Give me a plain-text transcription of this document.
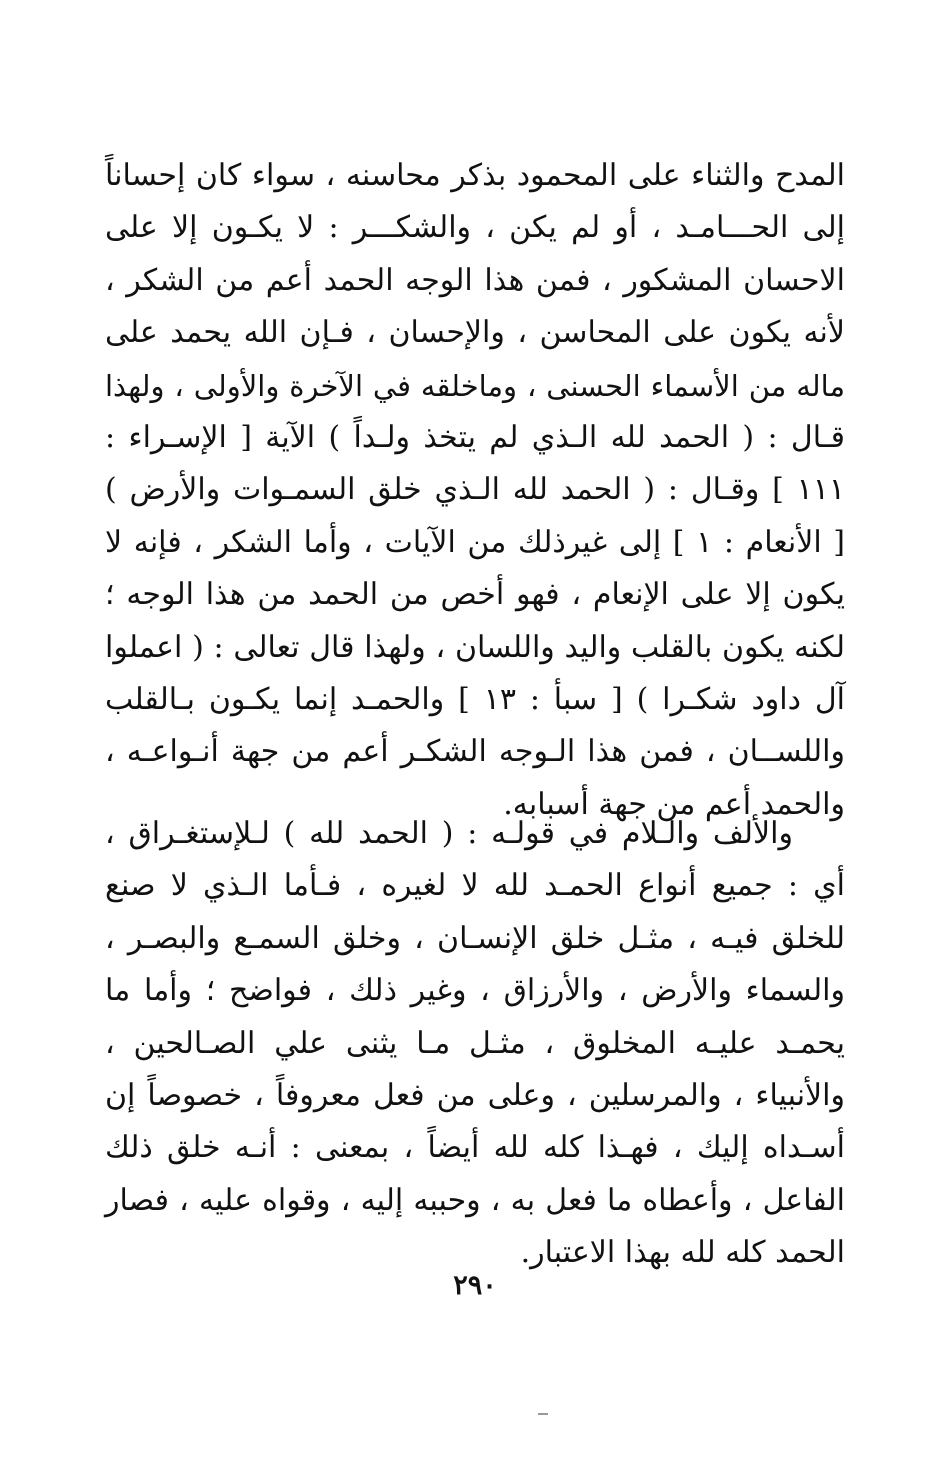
المدح والثناء على المحمود بذكر محاسنه ، سواء كان إحساناً
إلى الحـــامـد ، أو لم يكن ، والشكـــر : لا يكـون إلا على
الاحسان المشكور ، فمن هذا الوجه الحمد أعم من الشكر ،
لأنه يكون على المحاسن ، والإحسان ، فـإن الله يحمد على
ماله من الأسماء الحسنى ، وماخلقه في الآخرة والأولى ، ولهذا
قـال : ( الحمد لله الـذي لم يتخذ ولـداً ) الآية [ الإسـراء :
١١١ ] وقـال : ( الحمد لله الـذي خلق السمـوات والأرض )
[ الأنعام : ١ ] إلى غيرذلك من الآيات ، وأما الشكر ، فإنه لا
يكون إلا على الإنعام ، فهو أخص من الحمد من هذا الوجه ؛
لكنه يكون بالقلب واليد واللسان ، ولهذا قال تعالى : ( اعملوا
آل داود شكـرا ) [ سبأ : ١٣ ] والحمـد إنما يكـون بـالقلب
واللســان ، فمن هذا الـوجه الشكـر أعم من جهة أنـواعـه ،
والحمد أعم من جهة أسبابه.
والألف والـلام في قولـه : ( الحمد لله ) لـلإستغـراق ،
أي : جميع أنواع الحمـد لله لا لغيره ، فـأما الـذي لا صنع
للخلق فيـه ، مثـل خلق الإنسـان ، وخلق السمـع والبصـر ،
والسماء والأرض ، والأرزاق ، وغير ذلك ، فواضح ؛ وأما ما
يحمـد عليـه المخلوق ، مثـل مـا يثنى علي الصـالحين ،
والأنبياء ، والمرسلين ، وعلى من فعل معروفاً ، خصوصاً إن
أسـداه إليك ، فهـذا كله لله أيضاً ، بمعنى : أنـه خلق ذلك
الفاعل ، وأعطاه ما فعل به ، وحببه إليه ، وقواه عليه ، فصار
الحمد كله لله بهذا الاعتبار.
٢٩٠
